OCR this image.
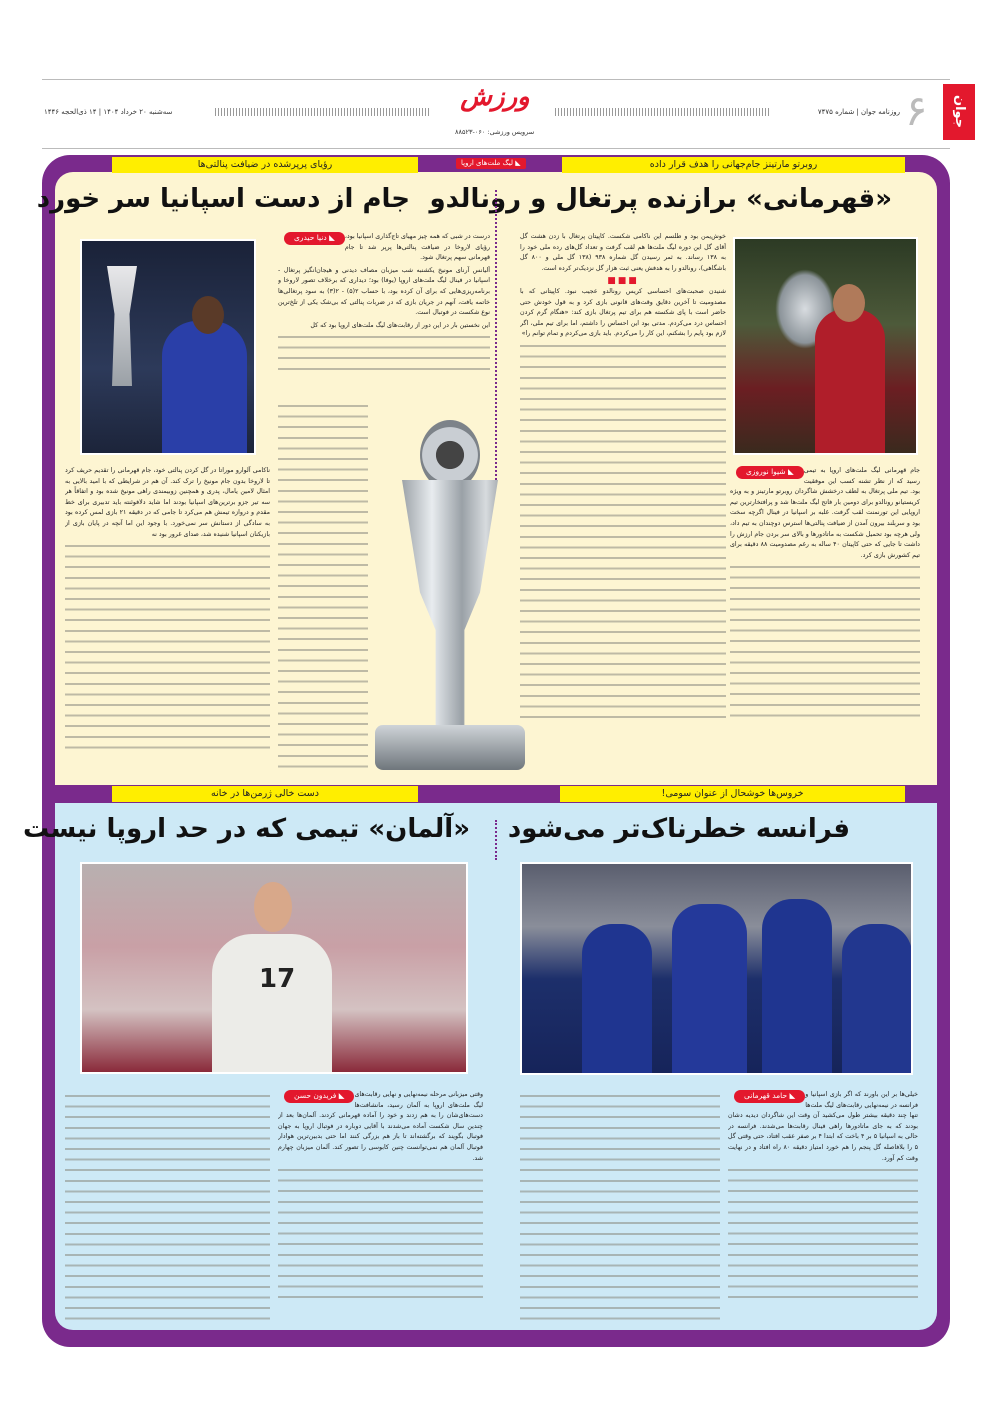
جوان
۶
روزنامه جوان | شماره ۷۴۷۵
ورزش
سرویس ورزشی: ۰۶۰-۸۸۵۲۳
سه‌شنبه ۲۰ خرداد ۱۴۰۴ | ۱۴ ذی‌الحجه ۱۴۴۶
روبرتو مارتینز جام‌جهانی را هدف قرار داده
◣ لیگ ملت‌های اروپا
رؤیای پرپرشده در ضیافت پنالتی‌ها
«قهرمانی» برازنده پرتغال و رونالدو
جام از دست اسپانیا سر خورد

خوش‌یمن بود و طلسم این ناکامی شکست. کاپیتان پرتغال با زدن هشت گل آقای گل این دوره لیگ ملت‌ها هم لقب گرفت و تعداد گل‌های رده ملی خود را به ۱۳۸ رساند. به ثمر رسیدن گل شماره ۹۳۸ (۱۳۸ گل ملی و ۸۰۰ گل باشگاهی)، رونالدو را به هدفش یعنی ثبت هزار گل نزدیک‌تر کرده است.

■■■

شنیدن صحبت‌های احساسی کریس رونالدو عجیب نبود. کاپیتانی که با مصدومیت تا آخرین دقایق وقت‌های قانونی بازی کرد و به قول خودش حتی حاضر است با پای شکسته هم برای تیم پرتغال بازی کند: «هنگام گرم کردن احساس درد می‌کردم. مدتی بود این احساس را داشتم، اما برای تیم ملی، اگر لازم بود پایم را بشکنم، این کار را می‌کردم. باید بازی می‌کردم و تمام توانم را»

◣ شیوا نوروزی	جام قهرمانی لیگ ملت‌های اروپا به تیمی رسید که از نظر تشنه کسب این موفقیت بود. تیم ملی پرتغال به لطف درخشش شاگردان روبرتو مارتینز و به ویژه کریستیانو رونالدو برای دومین بار فاتح لیگ ملت‌ها شد و پرافتخارترین تیم اروپایی این تورنمنت لقب گرفت. غلبه بر اسپانیا در فینال اگرچه سخت بود و سربلند بیرون آمدن از ضیافت پنالتی‌ها استرس دوچندان به تیم داد، ولی هرچه بود تحمیل شکست به ماتادورها و بالای سر بردن جام ارزش را داشت تا جایی که حتی کاپیتان ۴۰ ساله به رغم مصدومیت ۸۸ دقیقه برای تیم کشورش بازی کرد.

◣ دنیا حیدری	درست در شبی که همه چیز مهیای تاج‌گذاری اسپانیا بود، رؤیای لاروخا در ضیافت پنالتی‌ها پرپر شد تا جام قهرمانی سهم پرتغال شود.

آلیانس آرنای مونیخ یکشنبه شب میزبان مصاف دیدنی و هیجان‌انگیز پرتغال - اسپانیا در فینال لیگ ملت‌های اروپا (یوفا) بود؛ دیداری که برخلاف تصور لاروخا و برنامه‌ریزی‌هایی که برای آن کرده بود، با حساب ۲(۵) - ۲(۳) به سود پرتغالی‌ها خاتمه یافت، آنهم در جریان بازی که در ضربات پنالتی که بی‌شک یکی از تلخ‌ترین نوع شکست در فوتبال است.

این نخستین بار در این دور از رقابت‌های لیگ ملت‌های اروپا بود که کل

ناکامی آلوارو موراتا در گل کردن پنالتی خود، جام قهرمانی را تقدیم حریف کرد تا لاروخا بدون جام مونیخ را ترک کند. آن هم در شرایطی که با امید بالایی به امثال لامین یامال، پدری و همچنین زوبیمندی راهی مونیخ شده بود و اتفاقاً هر سه تیر جزو برترین‌های اسپانیا بودند اما شاید دلافوئنته باید تدبیری برای خط مقدم و دروازه تیمش هم می‌کرد تا جامی که در دقیقه ۲۱ بازی لمس کرده بود به سادگی از دستانش سر نمی‌خورد. با وجود این اما آنچه در پایان بازی از بازیکنان اسپانیا شنیده شد، صدای غرور بود نه

خروس‌ها خوشحال از عنوان سومی!
دست خالی ژرمن‌ها در خانه
فرانسه خطرناک‌تر می‌شود
«آلمان» تیمی که در حد اروپا نیست
17
◣ حامد قهرمانی	خیلی‌ها بر این باورند که اگر بازی اسپانیا و فرانسه در نیمه‌نهایی رقابت‌های لیگ ملت‌ها تنها چند دقیقه بیشتر طول می‌کشید آن وقت این شاگردان دیدیه دشان بودند که به جای ماتادورها راهی فینال رقابت‌ها می‌شدند. فرانسه در حالی به اسپانیا ۵ بر ۴ باخت که ابتدا ۴ بر صفر عقب افتاد، حتی وقتی گل ۵ را بلافاصله گل پنجم را هم خورد امتیاز دقیقه ۸۰ راه افتاد و در نهایت وقت کم آورد.

◣ فریدون حسن	وقتی میزبانی مرحله نیمه‌نهایی و نهایی رقابت‌های لیگ ملت‌های اروپا به آلمان رسید، مانشافت‌ها دست‌های‌شان را به هم زدند و خود را آماده قهرمانی کردند. آلمان‌ها بعد از چندین سال شکست آماده می‌شدند با آقایی دوباره در فوتبال اروپا به جهان فوتبال بگویند که برگشته‌اند تا باز هم بزرگی کنند اما حتی بدبین‌ترین هوادار فوتبال آلمان هم نمی‌توانست چنین کابوسی را تصور کند. آلمان میزبان چهارم شد.
